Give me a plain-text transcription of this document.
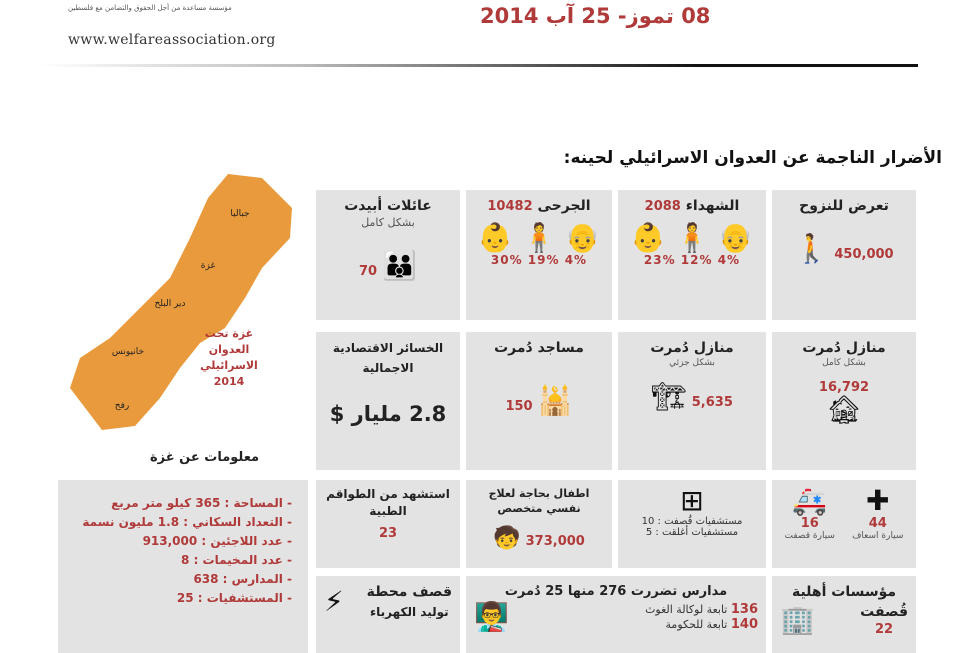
مؤسسة مساعدة من أجل الحقوق والتضامن مع فلسطين
www.welfareassociation.org
08 تموز- 25 آب 2014
الأضرار الناجمة عن العدوان الاسرائيلي لحينه:
جباليا
غزة
دير البلح
خانيونس
رفح
غزة تحت العدوان الاسرائيلي 2014
تعرض للنزوح
450,000 🚶
الشهداء 2088
👴 🧍 👶
23% 12% 4%
الجرحى 10482
👴 🧍 👶
30% 19% 4%
عائلات أبيدت
بشكل كامل
👪 70
منازل دُمرت
بشكل كامل
16,792
🏚
منازل دُمرت
بشكل جزئي
5,635 🏗
مساجد دُمرت
🕌 150
الخسائر الاقتصادية
الاجمالية
2.8 مليار $
معلومات عن غزة
- المساحة : 365 كيلو متر مربع
- التعداد السكاني : 1.8 مليون نسمة
- عدد اللاجئين : 913,000
- عدد المخيمات : 8
- المدارس : 638
- المستشفيات : 25
🚑
16
سيارة قصفت
✚
44
سيارة اسعاف
⊞
مستشفيات قُصفت : 10
مستشفيات أغلقت : 5
اطفال بحاجة لعلاج نفسي متخصص
373,000 🧒
استشهد من الطواقم الطبية
23
مؤسسات أهلية
قُصفت
22
🏢
مدارس تضررت 276 منها 25 دُمرت
136 تابعة لوكالة الغوث
140 تابعة للحكومة
👨‍🏫
قصف محطة
توليد الكهرباء
⚡
